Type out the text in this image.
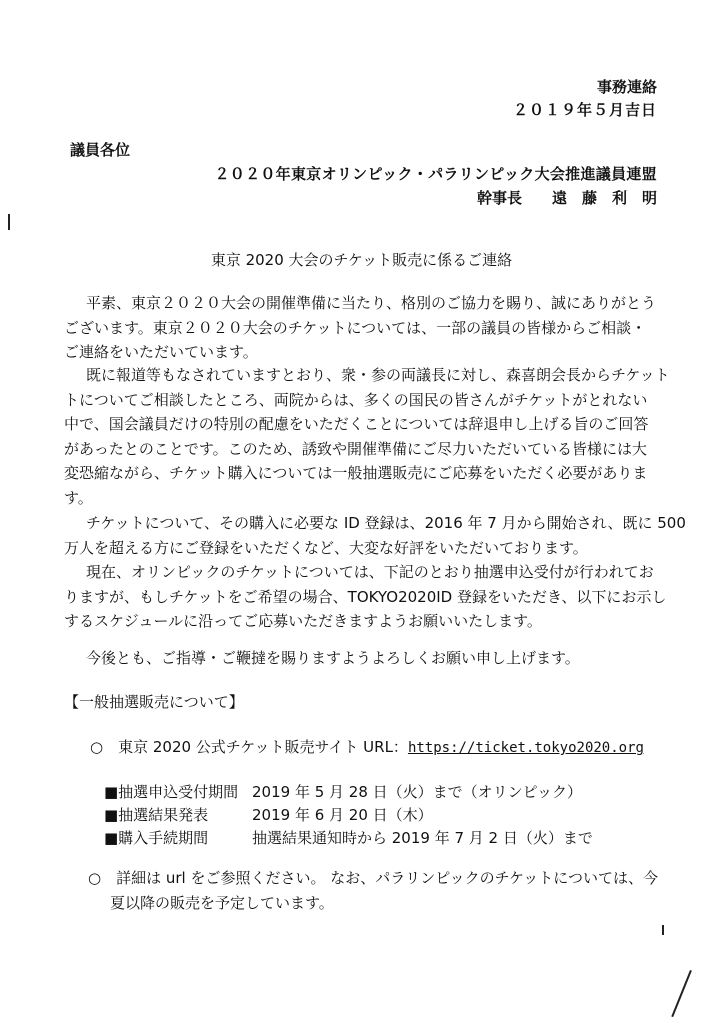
事務連絡
２０１９年５月吉日
議員各位
２０２０年東京オリンピック・パラリンピック大会推進議員連盟
幹事長　　遠　藤　利　明
東京 2020 大会のチケット販売に係るご連絡
平素、東京２０２０大会の開催準備に当たり、格別のご協力を賜り、誠にありがとう
ございます。東京２０２０大会のチケットについては、一部の議員の皆様からご相談・
ご連絡をいただいています。
既に報道等もなされていますとおり、衆・参の両議長に対し、森喜朗会長からチケット
トについてご相談したところ、両院からは、多くの国民の皆さんがチケットがとれない
中で、国会議員だけの特別の配慮をいただくことについては辞退申し上げる旨のご回答
があったとのことです。このため、誘致や開催準備にご尽力いただいている皆様には大
変恐縮ながら、チケット購入については一般抽選販売にご応募をいただく必要がありま
す。
チケットについて、その購入に必要な ID 登録は、2016 年 7 月から開始され、既に 500
万人を超える方にご登録をいただくなど、大変な好評をいただいております。
現在、オリンピックのチケットについては、下記のとおり抽選申込受付が行われてお
りますが、もしチケットをご希望の場合、TOKYO2020ID 登録をいただき、以下にお示し
するスケジュールに沿ってご応募いただきますようお願いいたします。
今後とも、ご指導・ご鞭撻を賜りますようよろしくお願い申し上げます。
【一般抽選販売について】
○　東京 2020 公式チケット販売サイト URL：https://ticket.tokyo2020.org
■抽選申込受付期間 2019 年 5 月 28 日（火）まで（オリンピック）
■抽選結果発表	2019 年 6 月 20 日（木）
■購入手続期間	抽選結果通知時から 2019 年 7 月 2 日（火）まで
○　詳細は url をご参照ください。 なお、パラリンピックのチケットについては、今
夏以降の販売を予定しています。
